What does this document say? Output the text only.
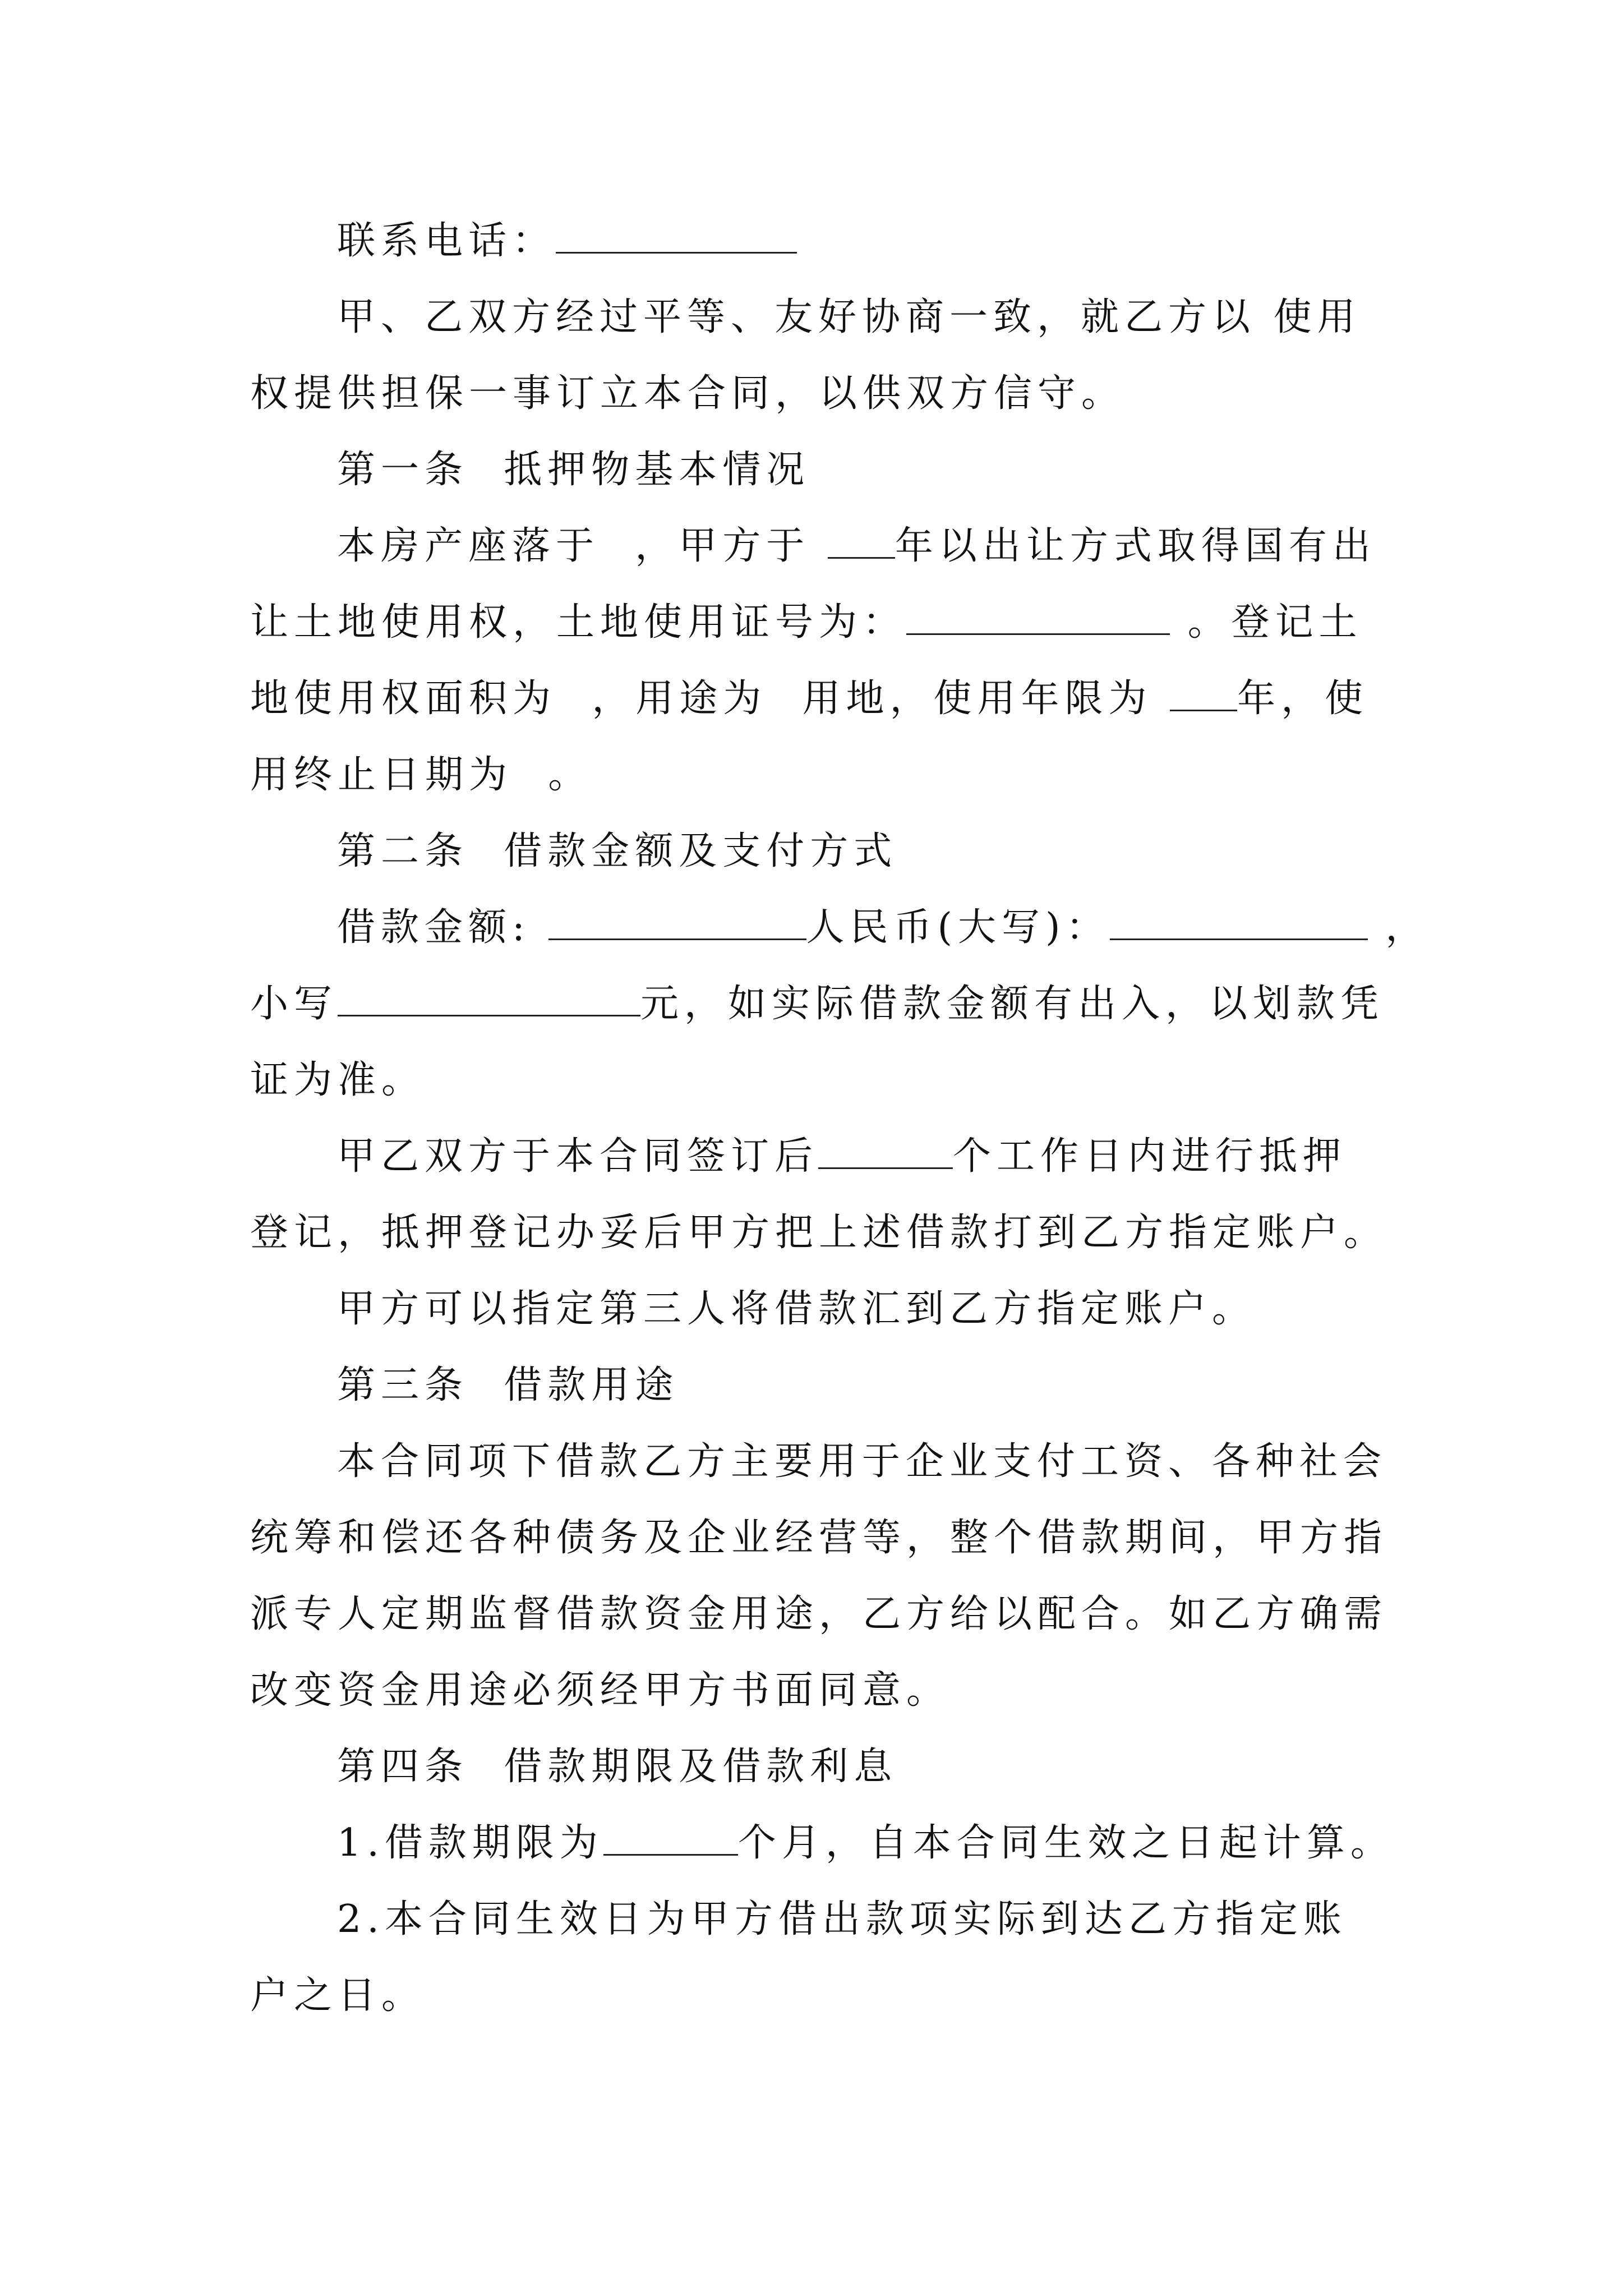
联系电话：
甲、乙双方经过平等、友好协商一致，就乙方以 使用
权提供担保一事订立本合同，以供双方信守。
第一条  抵押物基本情况
本房产座落于  ，甲方于 年以出让方式取得国有出
让土地使用权，土地使用证号为：	。登记土
地使用权面积为  ，用途为  用地，使用年限为 年，使
用终止日期为  。
第二条  借款金额及支付方式
借款金额:	人民币(大写)：	，
小写	元，如实际借款金额有出入，以划款凭
证为准。
甲乙双方于本合同签订后	个工作日内进行抵押
登记，抵押登记办妥后甲方把上述借款打到乙方指定账户。
甲方可以指定第三人将借款汇到乙方指定账户。
第三条  借款用途
本合同项下借款乙方主要用于企业支付工资、各种社会
统筹和偿还各种债务及企业经营等，整个借款期间，甲方指
派专人定期监督借款资金用途，乙方给以配合。如乙方确需
改变资金用途必须经甲方书面同意。
第四条  借款期限及借款利息
1.借款期限为	个月，自本合同生效之日起计算。
2.本合同生效日为甲方借出款项实际到达乙方指定账
户之日。
